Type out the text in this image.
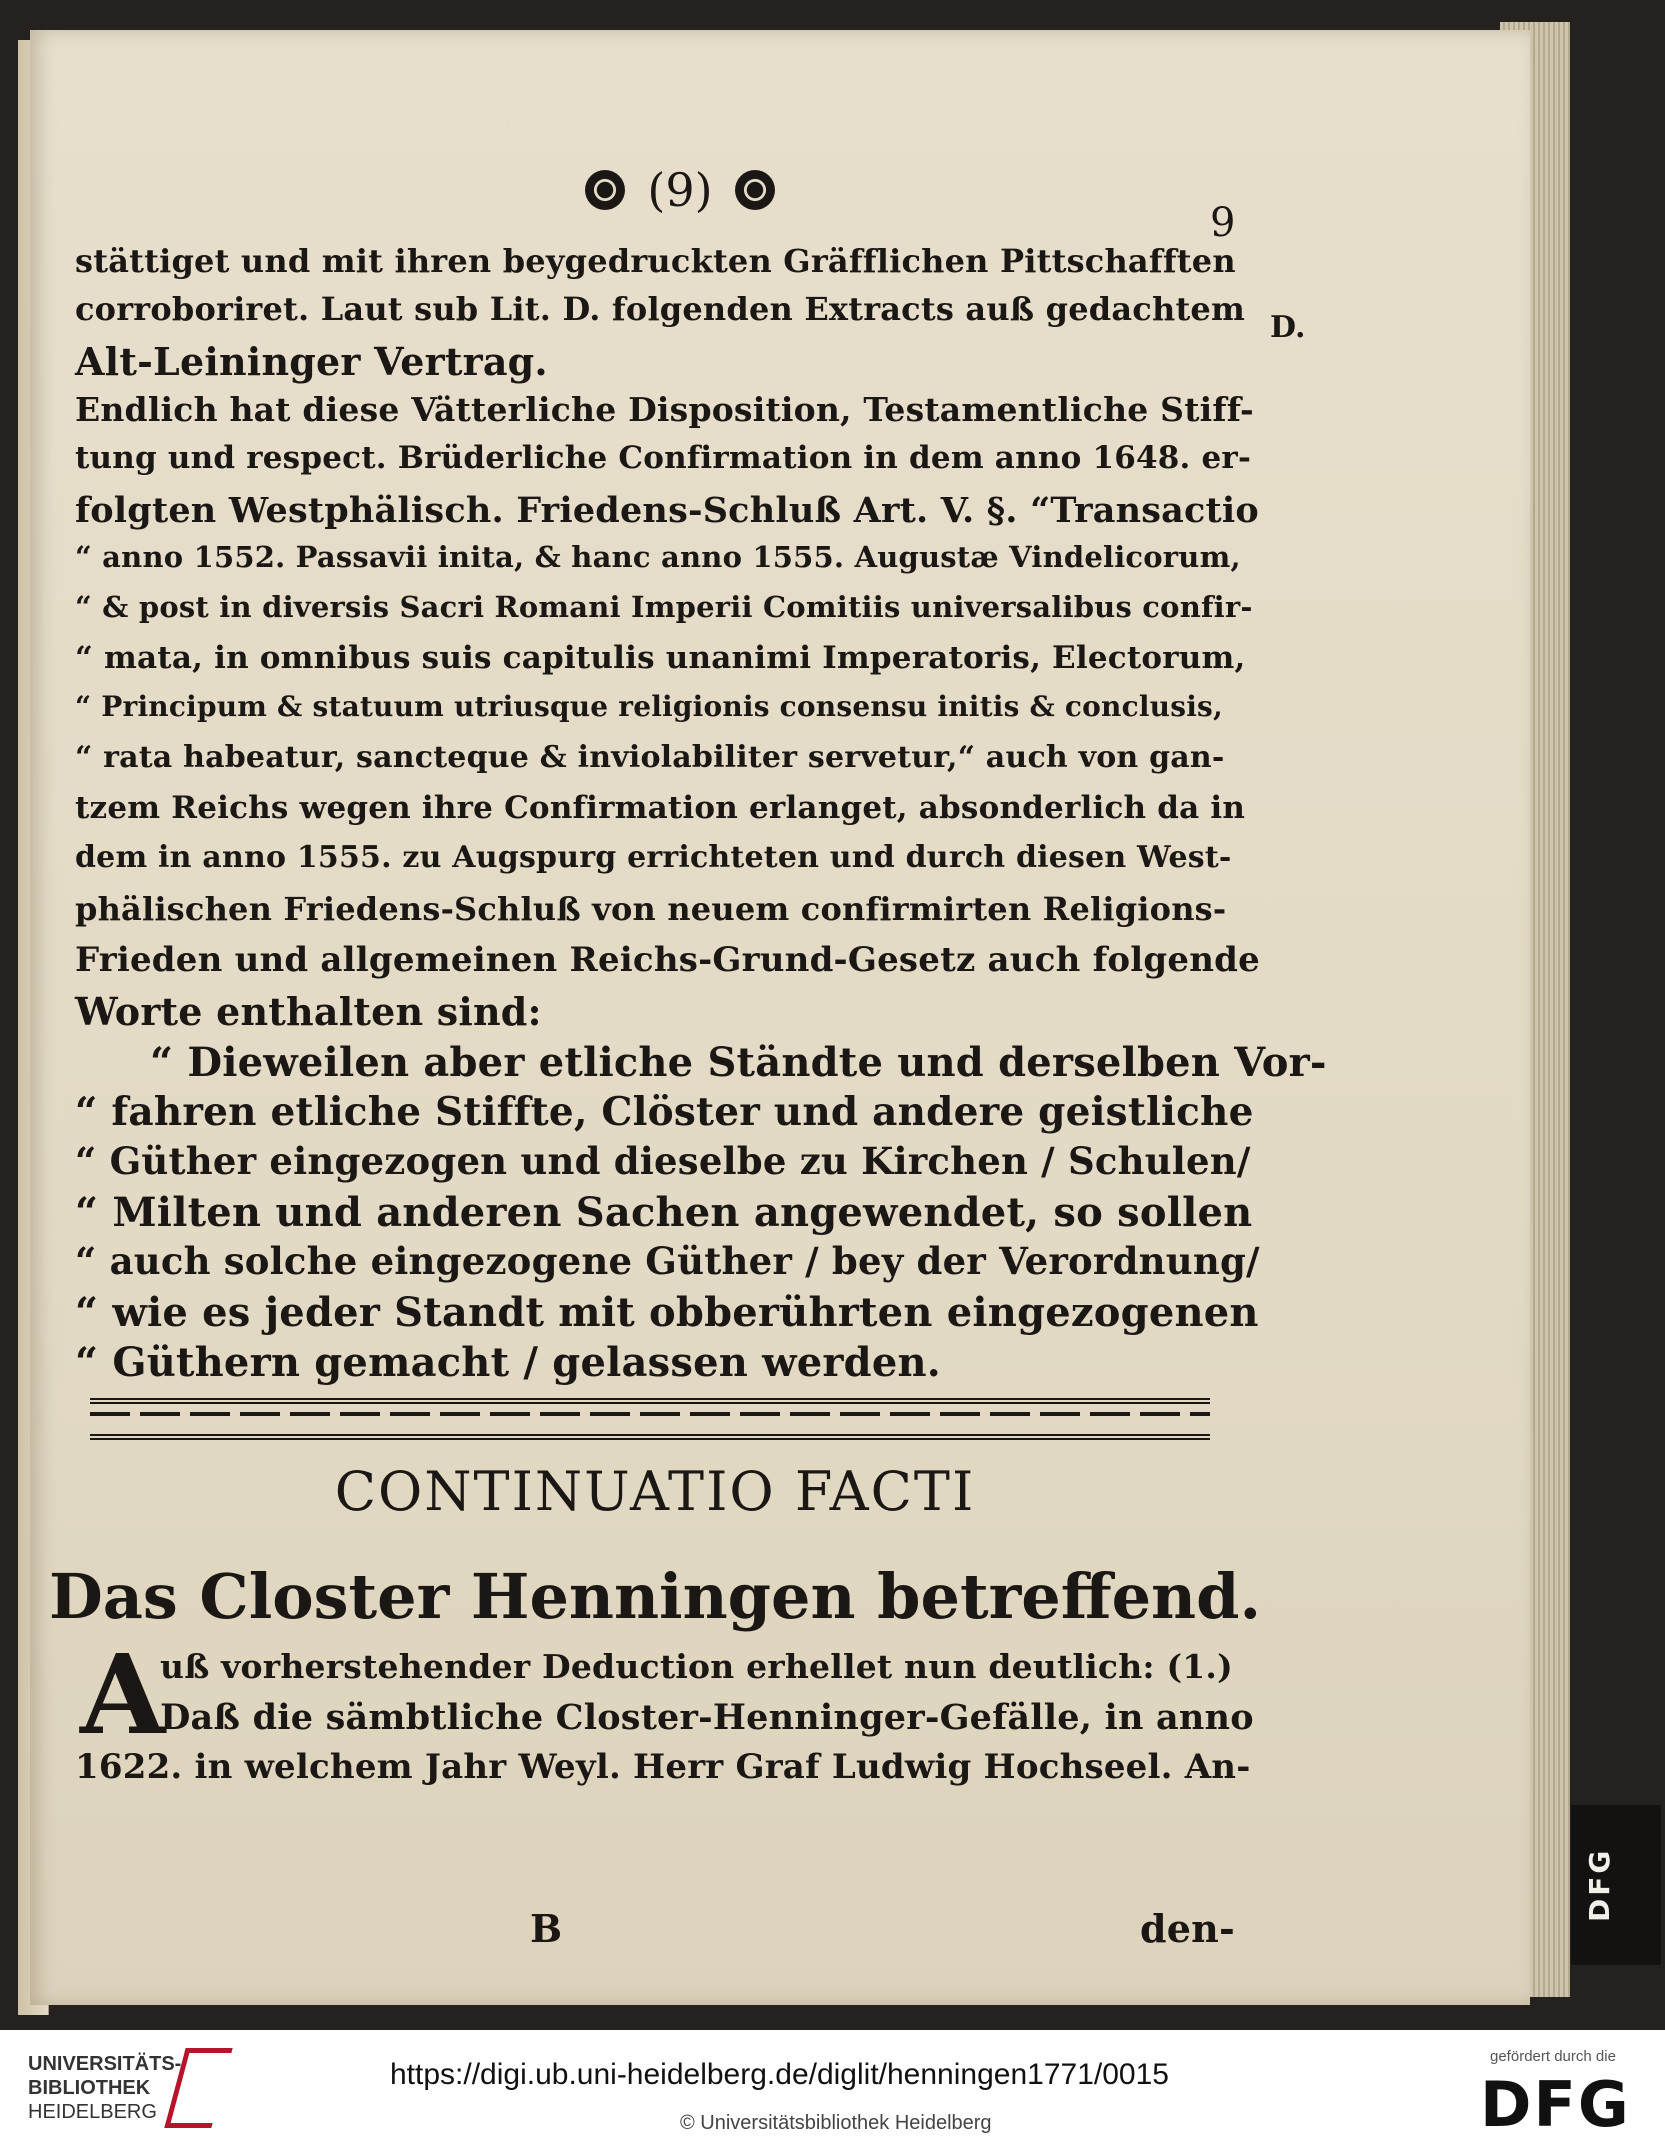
(9)
9
D.
stättiget und mit ihren beygedruckten Gräfflichen Pittschafften
corroboriret. Laut sub Lit. D. folgenden Extracts auß gedachtem
Alt-Leininger Vertrag.
Endlich hat diese Vätterliche Disposition, Testamentliche Stiff-
tung und respect. Brüderliche Confirmation in dem anno 1648. er-
folgten Westphälisch. Friedens-Schluß Art. V. §. “Transactio
“ anno 1552. Passavii inita, & hanc anno 1555. Augustæ Vindelicorum,
“ & post in diversis Sacri Romani Imperii Comitiis universalibus confir-
“ mata, in omnibus suis capitulis unanimi Imperatoris, Electorum,
“ Principum & statuum utriusque religionis consensu initis & conclusis,
“ rata habeatur, sancteque & inviolabiliter servetur,“ auch von gan-
tzem Reichs wegen ihre Confirmation erlanget, absonderlich da in
dem in anno 1555. zu Augspurg errichteten und durch diesen West-
phälischen Friedens-Schluß von neuem confirmirten Religions-
Frieden und allgemeinen Reichs-Grund-Gesetz auch folgende
Worte enthalten sind:
“ Dieweilen aber etliche Ständte und derselben Vor-
“ fahren etliche Stiffte, Clöster und andere geistliche
“ Güther eingezogen und dieselbe zu Kirchen / Schulen/
“ Milten und anderen Sachen angewendet, so sollen
“ auch solche eingezogene Güther / bey der Verordnung/
“ wie es jeder Standt mit obberührten eingezogenen
“ Güthern gemacht / gelassen werden.
CONTINUATIO FACTI
Das Closter Henningen betreffend.
A
uß vorherstehender Deduction erhellet nun deutlich: (1.)
Daß die sämbtliche Closter-Henninger-Gefälle, in anno
1622. in welchem Jahr Weyl. Herr Graf Ludwig Hochseel. An-
B	den-
DFG
UNIVERSITÄTS-
BIBLIOTHEK
HEIDELBERG
https://digi.ub.uni-heidelberg.de/diglit/henningen1771/0015
© Universitätsbibliothek Heidelberg
gefördert durch die
DFG
